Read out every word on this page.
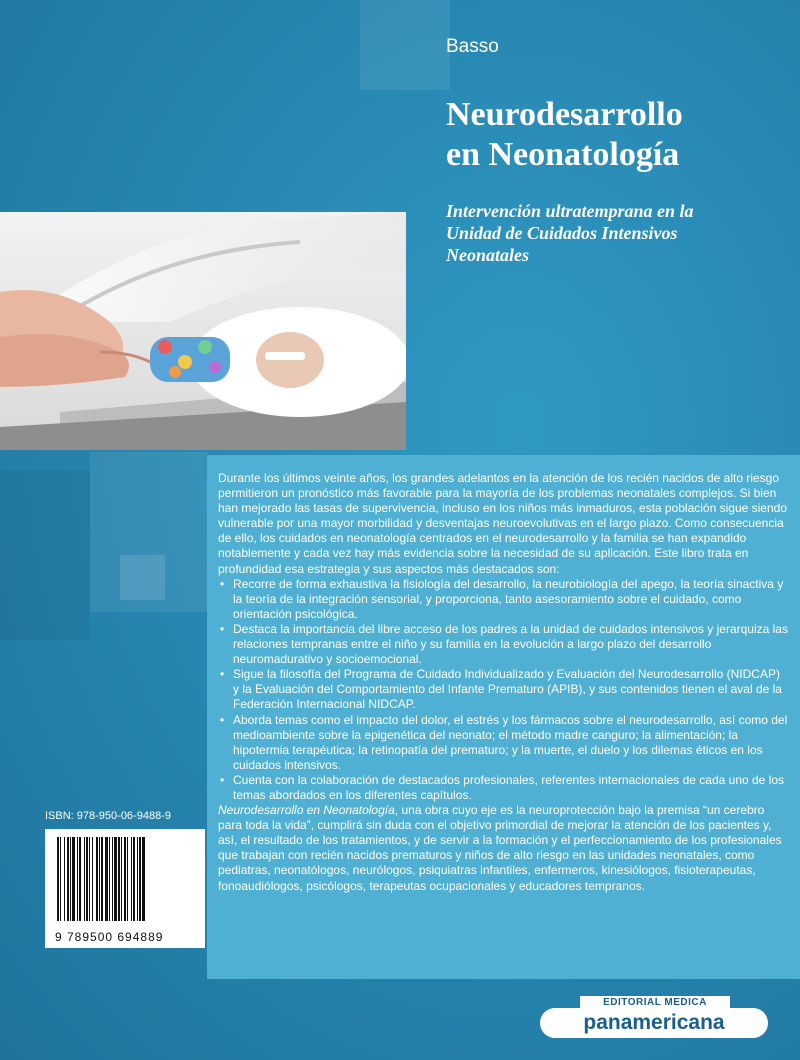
Basso
Neurodesarrollo
en Neonatología
Intervención ultratemprana en la
Unidad de Cuidados Intensivos
Neonatales

Durante los últimos veinte años, los grandes adelantos en la atención de los recién nacidos de alto riesgo permitieron un pronóstico más favorable para la mayoría de los problemas neonatales complejos. Si bien han mejorado las tasas de supervivencia, incluso en los niños más inmaduros, esta población sigue siendo vulnerable por una mayor morbilidad y desventajas neuroevolutivas en el largo plazo. Como consecuencia de ello, los cuidados en neonatología centrados en el neurodesarrollo y la familia se han expandido notablemente y cada vez hay más evidencia sobre la necesidad de su aplicación. Este libro trata en profundidad esa estrategia y sus aspectos más destacados son:

• Recorre de forma exhaustiva la fisiología del desarrollo, la neurobiología del apego, la teoría sinactiva y la teoría de la integración sensorial, y proporciona, tanto asesoramiento sobre el cuidado, como orientación psicológica.
• Destaca la importancia del libre acceso de los padres a la unidad de cuidados intensivos y jerarquiza las relaciones tempranas entre el niño y su familia en la evolución a largo plazo del desarrollo neuromadurativo y socioemocional.
• Sigue la filosofía del Programa de Cuidado Individualizado y Evaluación del Neurodesarrollo (NIDCAP) y la Evaluación del Comportamiento del Infante Prematuro (APIB), y sus contenidos tienen el aval de la Federación Internacional NIDCAP.
• Aborda temas como el impacto del dolor, el estrés y los fármacos sobre el neurodesarrollo, así como del medioambiente sobre la epigenética del neonato; el método madre canguro; la alimentación; la hipotermia terapéutica; la retinopatía del prematuro; y la muerte, el duelo y los dilemas éticos en los cuidados intensivos.
• Cuenta con la colaboración de destacados profesionales, referentes internacionales de cada uno de los temas abordados en los diferentes capítulos.

Neurodesarrollo en Neonatología, una obra cuyo eje es la neuroprotección bajo la premisa “un cerebro para toda la vida”, cumplirá sin duda con el objetivo primordial de mejorar la atención de los pacientes y, así, el resultado de los tratamientos, y de servir a la formación y el perfeccionamiento de los profesionales que trabajan con recién nacidos prematuros y niños de alto riesgo en las unidades neonatales, como pediatras, neonatólogos, neurólogos, psiquiatras infantiles, enfermeros, kinesiólogos, fisioterapeutas, fonoaudiólogos, psicólogos, terapeutas ocupacionales y educadores tempranos.

ISBN: 978-950-06-9488-9
9 789500 694889
panamericana
EDITORIAL MEDICA
